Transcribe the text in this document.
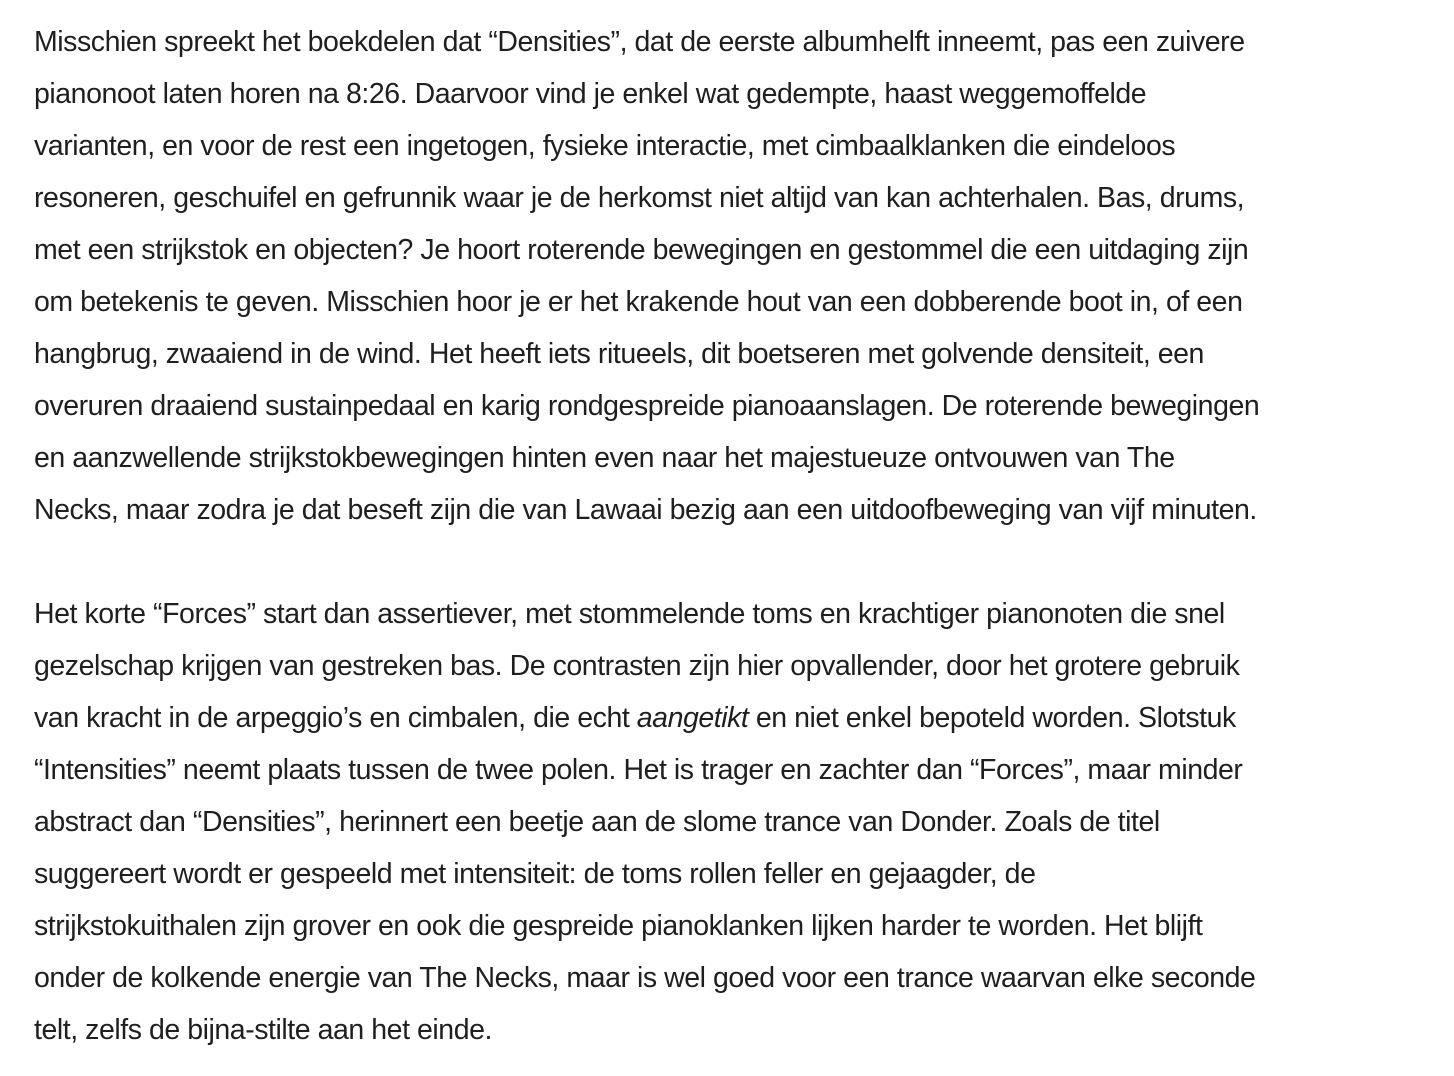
Misschien spreekt het boekdelen dat “Densities”, dat de eerste albumhelft inneemt, pas een zuivere
pianonoot laten horen na 8:26. Daarvoor vind je enkel wat gedempte, haast weggemoffelde
varianten, en voor de rest een ingetogen, fysieke interactie, met cimbaalklanken die eindeloos
resoneren, geschuifel en gefrunnik waar je de herkomst niet altijd van kan achterhalen. Bas, drums,
met een strijkstok en objecten? Je hoort roterende bewegingen en gestommel die een uitdaging zijn
om betekenis te geven. Misschien hoor je er het krakende hout van een dobberende boot in, of een
hangbrug, zwaaiend in de wind. Het heeft iets ritueels, dit boetseren met golvende densiteit, een
overuren draaiend sustainpedaal en karig rondgespreide pianoaanslagen. De roterende bewegingen
en aanzwellende strijkstokbewegingen hinten even naar het majestueuze ontvouwen van The
Necks, maar zodra je dat beseft zijn die van Lawaai bezig aan een uitdoofbeweging van vijf minuten.

Het korte “Forces” start dan assertiever, met stommelende toms en krachtiger pianonoten die snel
gezelschap krijgen van gestreken bas. De contrasten zijn hier opvallender, door het grotere gebruik
van kracht in de arpeggio’s en cimbalen, die echt aangetikt en niet enkel bepoteld worden. Slotstuk
“Intensities” neemt plaats tussen de twee polen. Het is trager en zachter dan “Forces”, maar minder
abstract dan “Densities”, herinnert een beetje aan de slome trance van Donder. Zoals de titel
suggereert wordt er gespeeld met intensiteit: de toms rollen feller en gejaagder, de
strijkstokuithalen zijn grover en ook die gespreide pianoklanken lijken harder te worden. Het blijft
onder de kolkende energie van The Necks, maar is wel goed voor een trance waarvan elke seconde
telt, zelfs de bijna-stilte aan het einde.
